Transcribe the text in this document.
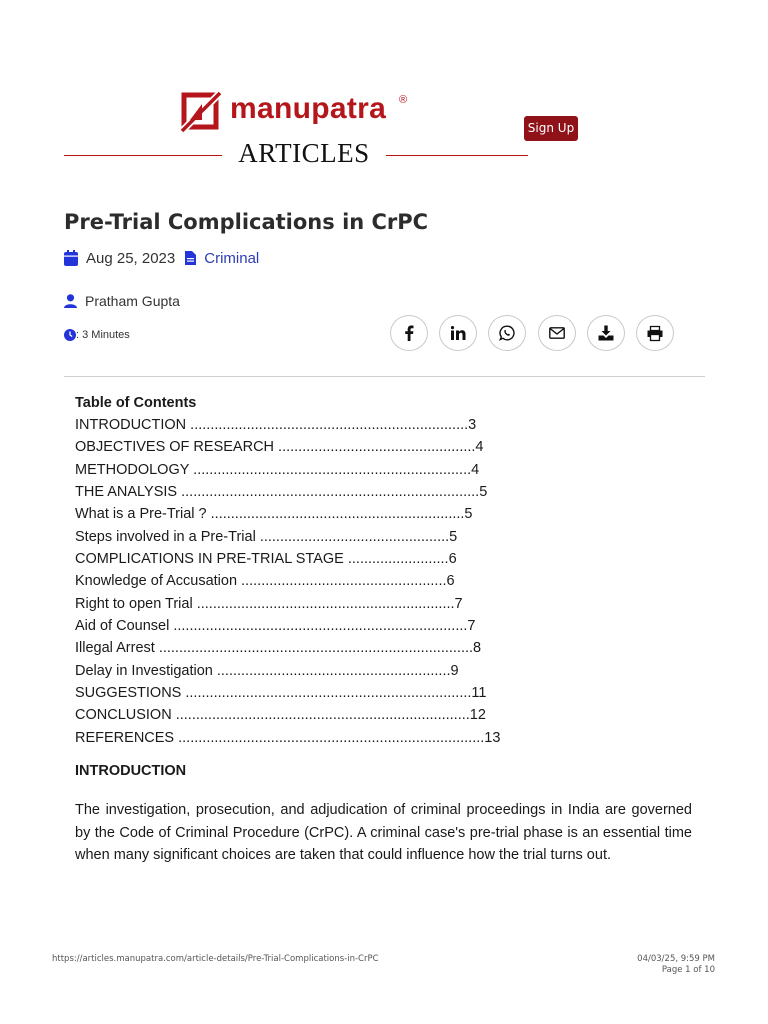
manupatra ®
Sign Up
ARTICLES
Pre-Trial Complications in CrPC
Aug 25, 2023 Criminal
Pratham Gupta
: 3 Minutes
Table of Contents
INTRODUCTION .....................................................................3
OBJECTIVES OF RESEARCH .................................................4
METHODOLOGY .....................................................................4
THE ANALYSIS ..........................................................................5
What is a Pre-Trial ? ...............................................................5
Steps involved in a Pre-Trial ...............................................5
COMPLICATIONS IN PRE-TRIAL STAGE .........................6
Knowledge of Accusation ...................................................6
Right to open Trial ................................................................7
Aid of Counsel .........................................................................7
Illegal Arrest ..............................................................................8
Delay in Investigation ..........................................................9
SUGGESTIONS .......................................................................11
CONCLUSION .........................................................................12
REFERENCES ............................................................................13
INTRODUCTION

The investigation, prosecution, and adjudication of criminal proceedings in India are governed by the Code of Criminal Procedure (CrPC). A criminal case's pre-trial phase is an essential time when many significant choices are taken that could influence how the trial turns out.

https://articles.manupatra.com/article-details/Pre-Trial-Complications-in-CrPC	04/03/25, 9:59 PM
Page 1 of 10
